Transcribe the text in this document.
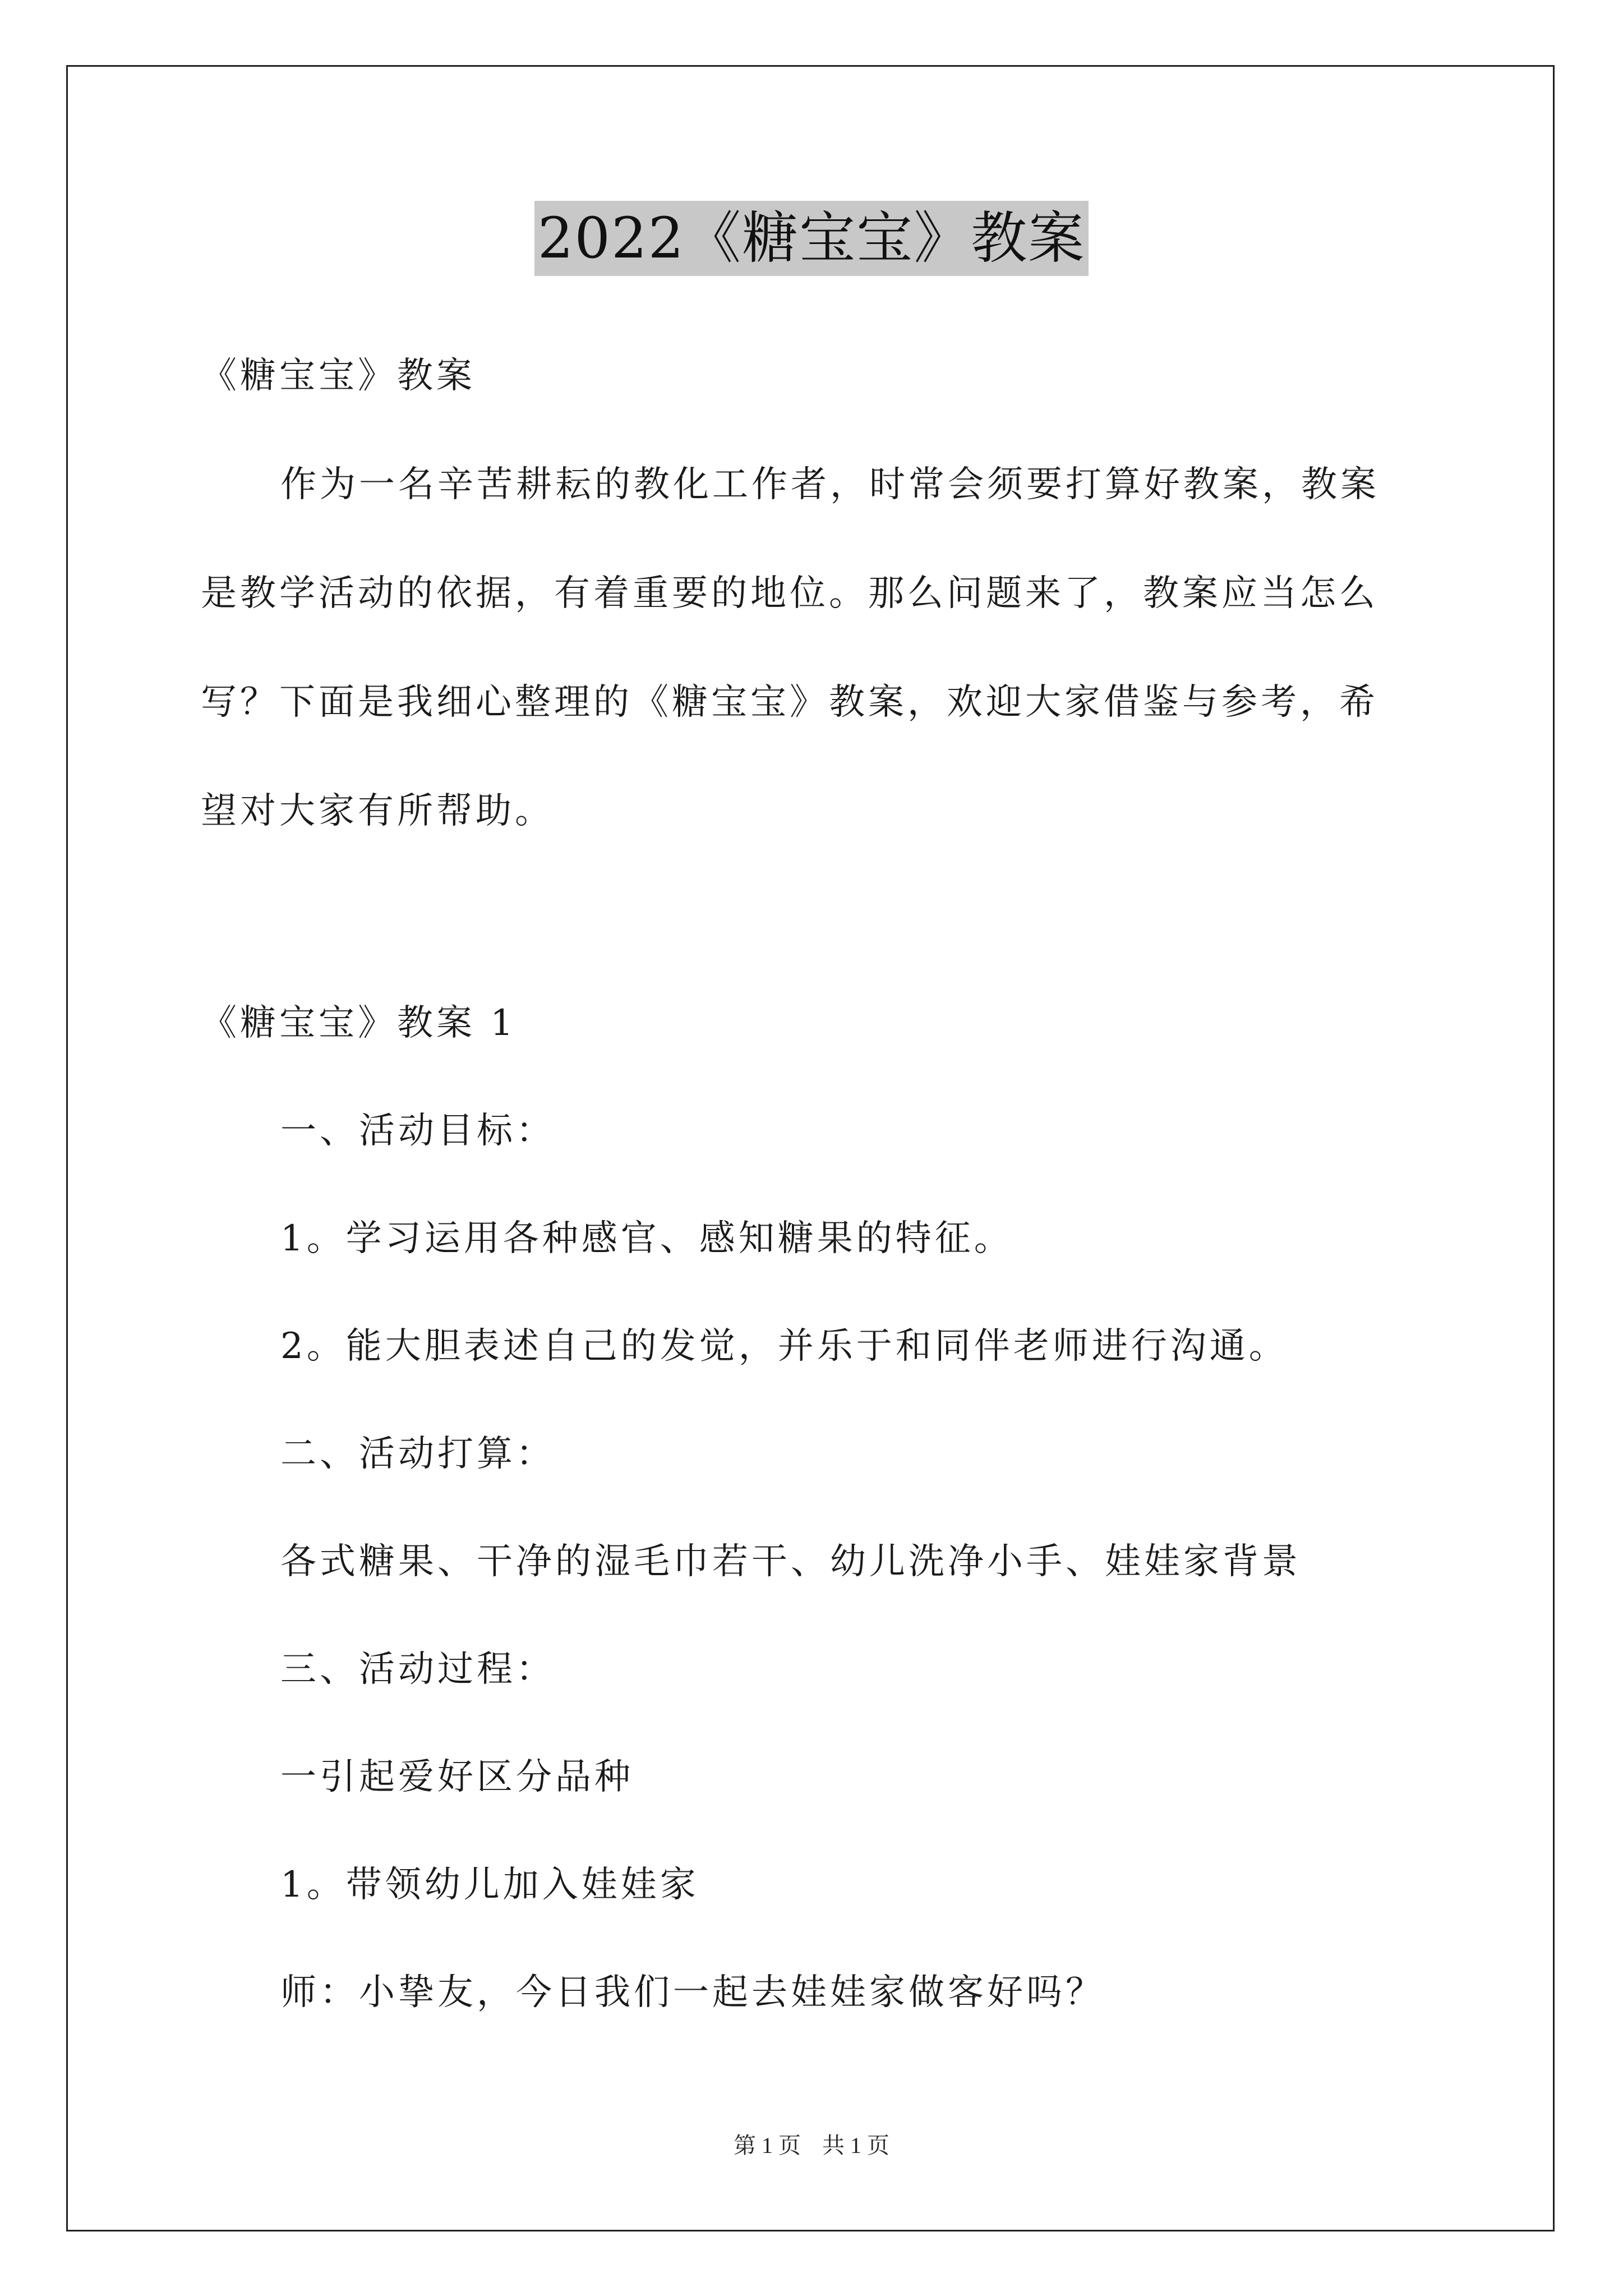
2022《糖宝宝》教案
《糖宝宝》教案
作为一名辛苦耕耘的教化工作者，时常会须要打算好教案，教案
是教学活动的依据，有着重要的地位。那么问题来了，教案应当怎么
写？下面是我细心整理的《糖宝宝》教案，欢迎大家借鉴与参考，希
望对大家有所帮助。
《糖宝宝》教案 1
一、活动目标：
1。学习运用各种感官、感知糖果的特征。
2。能大胆表述自己的发觉，并乐于和同伴老师进行沟通。
二、活动打算：
各式糖果、干净的湿毛巾若干、幼儿洗净小手、娃娃家背景
三、活动过程：
一引起爱好区分品种
1。带领幼儿加入娃娃家
师：小挚友，今日我们一起去娃娃家做客好吗？
第 1 页 共 1 页
